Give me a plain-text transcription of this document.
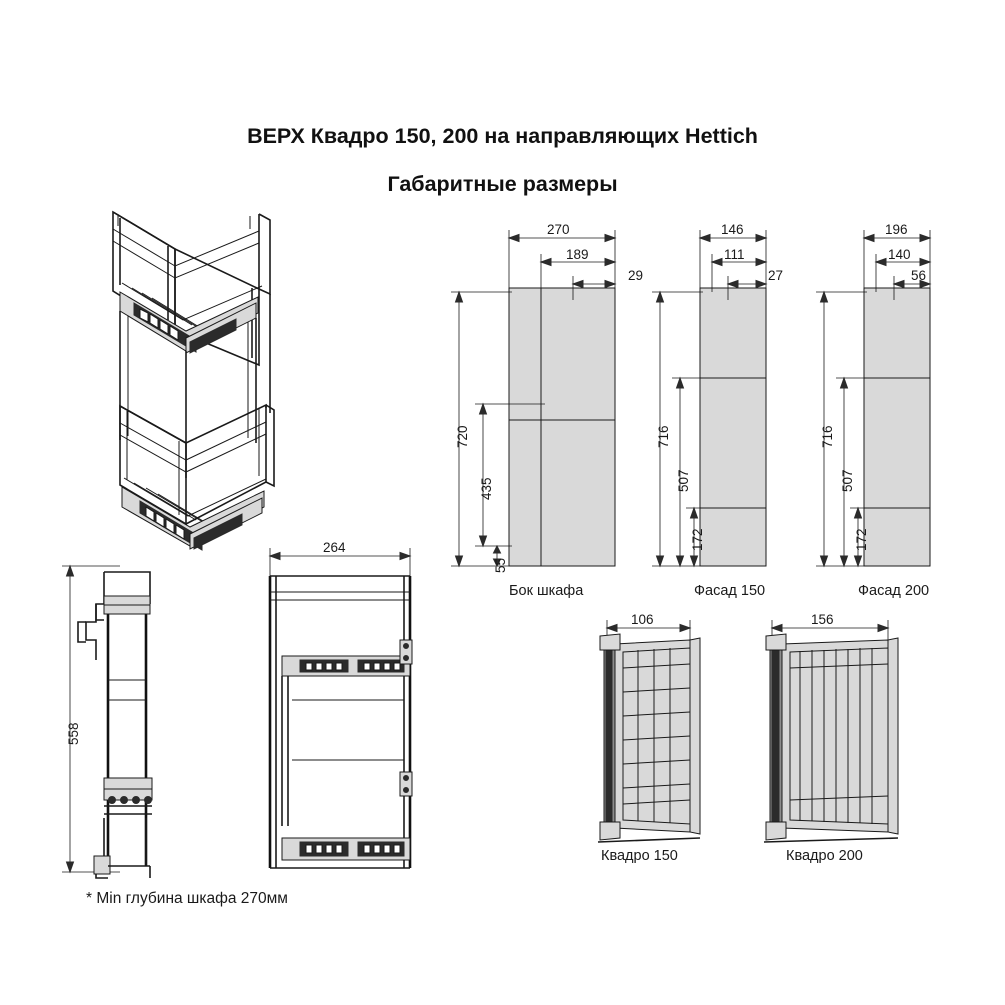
ВЕРХ Квадро 150, 200 на направляющих Hettich
Габаритные размеры
270
189
29
720
435
55
146
111
27
716
507
172
196
140
56
716
507
172
558
264
106	156
Бок шкафа	Фасад 150	Фасад 200
Квадро 150	Квадро 200
* Min глубина шкафа 270мм
